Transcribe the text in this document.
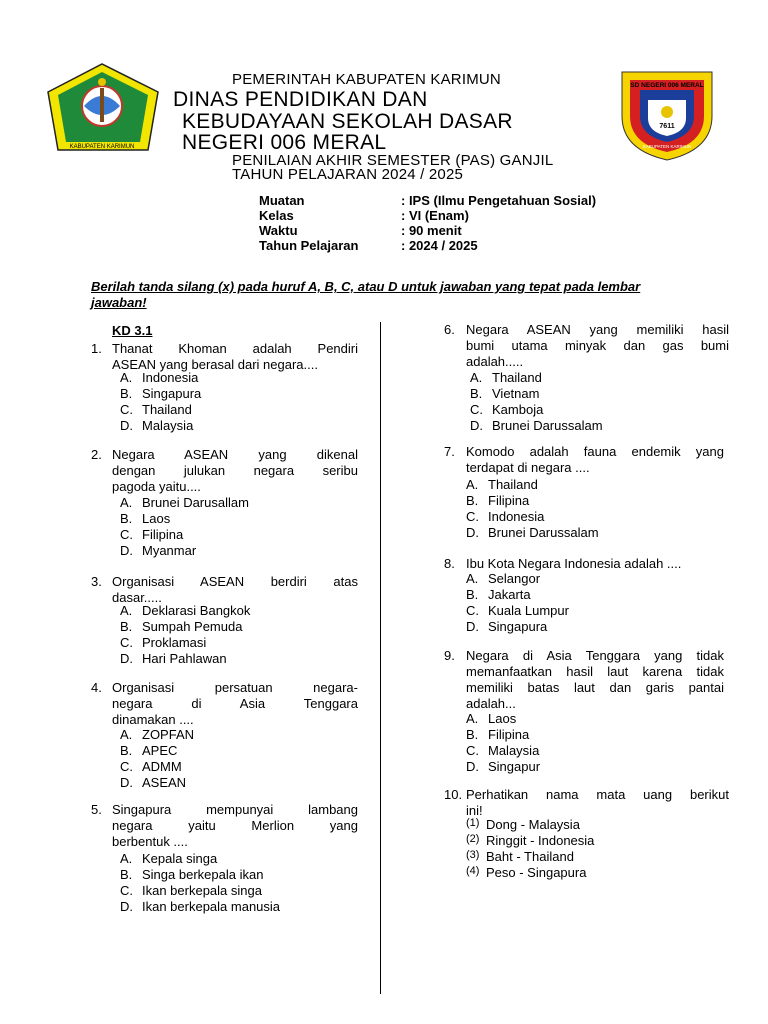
KABUPATEN KARIMUN
SD NEGERI 006 MERAL
7611
KABUPATEN KARIMUN
PEMERINTAH KABUPATEN KARIMUN
DINAS PENDIDIKAN DAN
KEBUDAYAAN SEKOLAH DASAR
NEGERI 006 MERAL
PENILAIAN AKHIR SEMESTER (PAS) GANJIL
TAHUN PELAJARAN 2024 / 2025
Muatan	: IPS (Ilmu Pengetahuan Sosial)
Kelas	: VI (Enam)
Waktu	: 90 menit
Tahun Pelajaran	: 2024 / 2025
Berilah tanda silang (x) pada huruf A, B, C, atau D untuk jawaban yang tepat pada lembar jawaban!
KD 3.1
1. Thanat Khoman adalah Pendiri
ASEAN yang berasal dari negara....
A. Indonesia
B. Singapura
C. Thailand
D. Malaysia
2. Negara ASEAN yang dikenal
dengan julukan negara seribu
pagoda yaitu....
A. Brunei Darusallam
B. Laos
C. Filipina
D. Myanmar
3. Organisasi ASEAN berdiri atas
dasar.....
A. Deklarasi Bangkok
B. Sumpah Pemuda
C. Proklamasi
D. Hari Pahlawan
4. Organisasi persatuan negara-
negara di Asia Tenggara
dinamakan ....
A. ZOPFAN
B. APEC
C. ADMM
D. ASEAN
5. Singapura mempunyai lambang
negara yaitu Merlion yang
berbentuk ....
A. Kepala singa
B. Singa berkepala ikan
C. Ikan berkepala singa
D. Ikan berkepala manusia
6. Negara ASEAN yang memiliki hasil
bumi utama minyak dan gas bumi
adalah.....
A. Thailand
B. Vietnam
C. Kamboja
D. Brunei Darussalam
7. Komodo adalah fauna endemik yang
terdapat di negara ....
A. Thailand
B. Filipina
C. Indonesia
D. Brunei Darussalam
8. Ibu Kota Negara Indonesia adalah ....
A. Selangor
B. Jakarta
C. Kuala Lumpur
D. Singapura
9. Negara di Asia Tenggara yang tidak
memanfaatkan hasil laut karena tidak
memiliki batas laut dan garis pantai
adalah...
A. Laos
B. Filipina
C. Malaysia
D. Singapur
10. Perhatikan nama mata uang berikut
ini!
(1) Dong - Malaysia
(2) Ringgit - Indonesia
(3) Baht - Thailand
(4) Peso - Singapura
